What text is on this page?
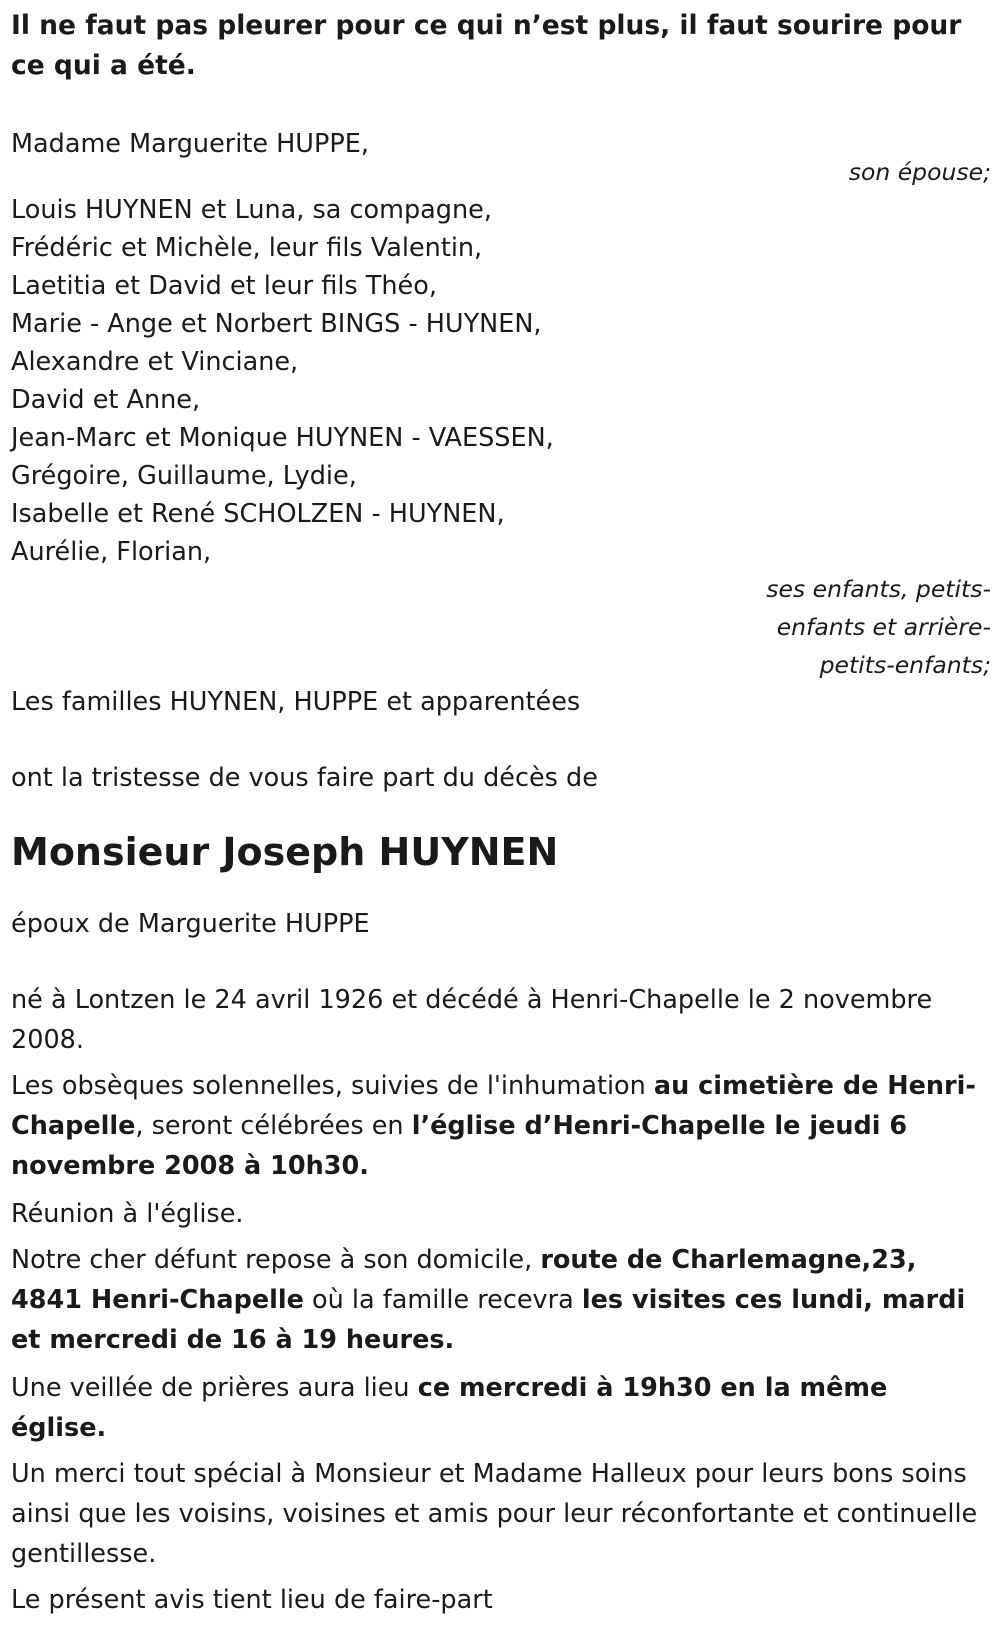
Il ne faut pas pleurer pour ce qui n’est plus, il faut sourire pour ce qui a été.

Madame Marguerite HUPPE,

son épouse;

Louis HUYNEN et Luna, sa compagne,

Frédéric et Michèle, leur fils Valentin,

Laetitia et David et leur fils Théo,

Marie - Ange et Norbert BINGS - HUYNEN,

Alexandre et Vinciane,

David et Anne,

Jean-Marc et Monique HUYNEN - VAESSEN,

Grégoire, Guillaume, Lydie,

Isabelle et René SCHOLZEN - HUYNEN,

Aurélie, Florian,

ses enfants, petits-

enfants et arrière-

petits-enfants;

Les familles HUYNEN, HUPPE et apparentées

ont la tristesse de vous faire part du décès de

Monsieur Joseph HUYNEN

époux de Marguerite HUPPE

né à Lontzen le 24 avril 1926 et décédé à Henri-Chapelle le 2 novembre 2008.

Les obsèques solennelles, suivies de l'inhumation au cimetière de Henri-Chapelle, seront célébrées en l’église d’Henri-Chapelle le jeudi 6 novembre 2008 à 10h30.

Réunion à l'église.

Notre cher défunt repose à son domicile, route de Charlemagne,23, 4841 Henri-Chapelle où la famille recevra les visites ces lundi, mardi et mercredi de 16 à 19 heures.

Une veillée de prières aura lieu ce mercredi à 19h30 en la même église.

Un merci tout spécial à Monsieur et Madame Halleux pour leurs bons soins ainsi que les voisins, voisines et amis pour leur réconfortante et continuelle gentillesse.

Le présent avis tient lieu de faire-part
